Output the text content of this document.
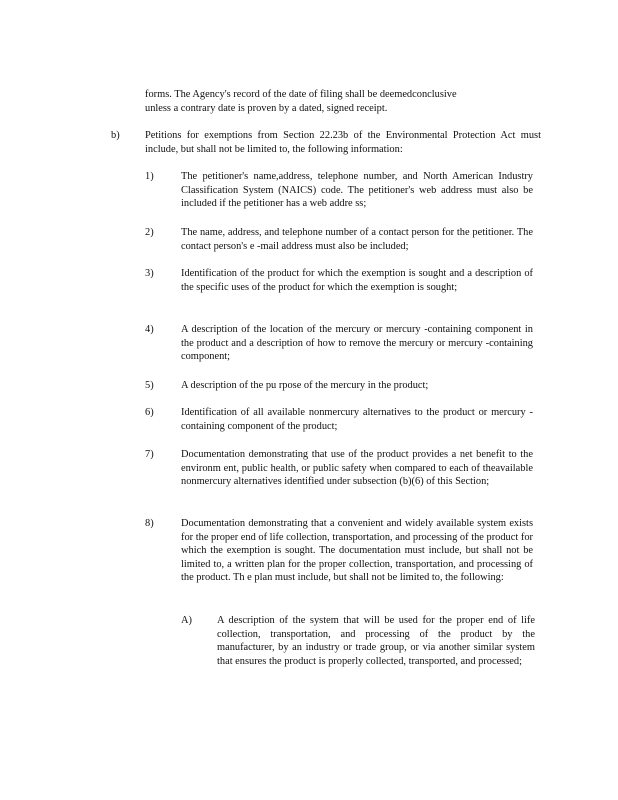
forms. The Agency's record of the date of filing shall be deemedconclusive
unless a contrary date is proven by a dated, signed receipt.
b) Petitions for exemptions from Section 22.23b of the Environmental Protection Act must include, but shall not be limited to, the following information:
1)	The petitioner's name,address, telephone number, and North American Industry Classification System (NAICS) code. The petitioner's web address must also be included if the petitioner has a web addre ss;
2)	The name, address, and telephone number of a contact person for the petitioner. The contact person's e -mail address must also be included;
3)	Identification of the product for which the exemption is sought and a description of the specific uses of the product for which the exemption is sought;
4)	A description of the location of the mercury or mercury -containing component in the product and a description of how to remove the mercury or mercury -containing component;
5)	A description of the pu rpose of the mercury in the product;
6)	Identification of all available nonmercury alternatives to the product or mercury -containing component of the product;
7)	Documentation demonstrating that use of the product provides a net benefit to the environm ent, public health, or public safety when compared to each of theavailable nonmercury alternatives identified under subsection (b)(6) of this Section;
8)	Documentation demonstrating that a convenient and widely available system exists for the proper end of life collection, transportation, and processing of the product for which the exemption is sought. The documentation must include, but shall not be limited to, a written plan for the proper collection, transportation, and processing of the product. Th e plan must include, but shall not be limited to, the following:
A) A description of the system that will be used for the proper end of life collection, transportation, and processing of the product by the manufacturer, by an industry or trade group, or via another similar system that ensures the product is properly collected, transported, and processed;
